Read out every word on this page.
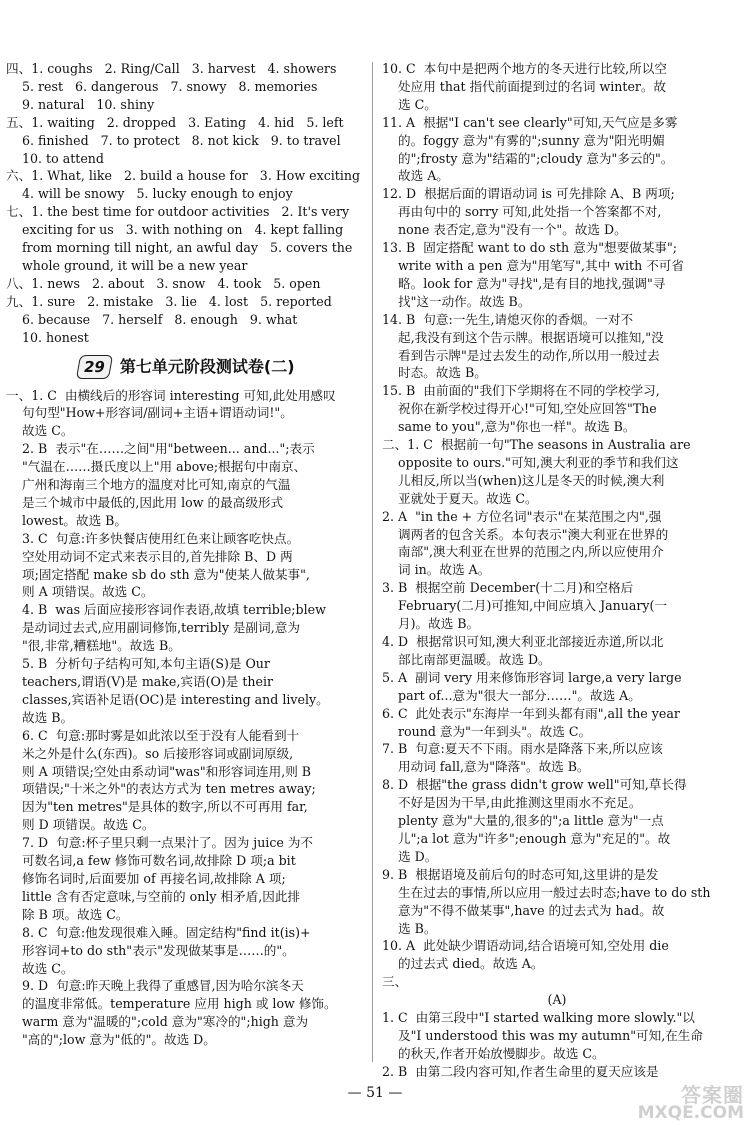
四、1. coughs   2. Ring/Call   3. harvest   4. showers

5. rest   6. dangerous   7. snowy   8. memories

9. natural   10. shiny

五、1. waiting   2. dropped   3. Eating   4. hid   5. left

6. finished   7. to protect   8. not kick   9. to travel

10. to attend

六、1. What, like   2. build a house for   3. How exciting

4. will be snowy   5. lucky enough to enjoy

七、1. the best time for outdoor activities   2. It's very

exciting for us   3. with nothing on   4. kept falling

from morning till night, an awful day   5. covers the

whole ground, it will be a new year

八、1. news   2. about   3. snow   4. took   5. open

九、1. sure   2. mistake   3. lie   4. lost   5. reported

6. because   7. herself   8. enough   9. what

10. honest

29 第七单元阶段测试卷(二)

一、1. C  由横线后的形容词 interesting 可知,此处用感叹

句句型"How+形容词/副词+主语+谓语动词!"。

故选 C。

2. B  表示"在……之间"用"between... and...";表示

"气温在……摄氏度以上"用 above;根据句中南京、

广州和海南三个地方的温度对比可知,南京的气温

是三个城市中最低的,因此用 low 的最高级形式

lowest。故选 B。

3. C  句意:许多快餐店使用红色来让顾客吃快点。

空处用动词不定式来表示目的,首先排除 B、D 两

项;固定搭配 make sb do sth 意为"使某人做某事",

则 A 项错误。故选 C。

4. B  was 后面应接形容词作表语,故填 terrible;blew

是动词过去式,应用副词修饰,terribly 是副词,意为

"很,非常,糟糕地"。故选 B。

5. B  分析句子结构可知,本句主语(S)是 Our

teachers,谓语(V)是 make,宾语(O)是 their

classes,宾语补足语(OC)是 interesting and lively。

故选 B。

6. C  句意:那时雾是如此浓以至于没有人能看到十

米之外是什么(东西)。so 后接形容词或副词原级,

则 A 项错误;空处由系动词"was"和形容词连用,则 B

项错误;"十米之外"的表达方式为 ten metres away;

因为"ten metres"是具体的数字,所以不可再用 far,

则 D 项错误。故选 C。

7. D  句意:杯子里只剩一点果汁了。因为 juice 为不

可数名词,a few 修饰可数名词,故排除 D 项;a bit

修饰名词时,后面要加 of 再接名词,故排除 A 项;

little 含有否定意味,与空前的 only 相矛盾,因此排

除 B 项。故选 C。

8. C  句意:他发现很难入睡。固定结构"find it(is)+

形容词+to do sth"表示"发现做某事是……的"。

故选 C。

9. D  句意:昨天晚上我得了重感冒,因为哈尔滨冬天

的温度非常低。temperature 应用 high 或 low 修饰。

warm 意为"温暖的";cold 意为"寒冷的";high 意为

"高的";low 意为"低的"。故选 D。

10. C  本句中是把两个地方的冬天进行比较,所以空

处应用 that 指代前面提到过的名词 winter。故

选 C。

11. A  根据"I can't see clearly"可知,天气应是多雾

的。foggy 意为"有雾的";sunny 意为"阳光明媚

的";frosty 意为"结霜的";cloudy 意为"多云的"。

故选 A。

12. D  根据后面的谓语动词 is 可先排除 A、B 两项;

再由句中的 sorry 可知,此处指一个答案都不对,

none 表否定,意为"没有一个"。故选 D。

13. B  固定搭配 want to do sth 意为"想要做某事";

write with a pen 意为"用笔写",其中 with 不可省

略。look for 意为"寻找",是有目的地找,强调"寻

找"这一动作。故选 B。

14. B  句意:一先生,请熄灭你的香烟。一对不

起,我没有到这个告示牌。根据语境可以推知,"没

看到告示牌"是过去发生的动作,所以用一般过去

时态。故选 B。

15. B  由前面的"我们下学期将在不同的学校学习,

祝你在新学校过得开心!"可知,空处应回答"The

same to you",意为"你也一样"。故选 B。

二、1. C  根据前一句"The seasons in Australia are

opposite to ours."可知,澳大利亚的季节和我们这

儿相反,所以当(when)这儿是冬天的时候,澳大利

亚就处于夏天。故选 C。

2. A  "in the + 方位名词"表示"在某范围之内",强

调两者的包含关系。本句表示"澳大利亚在世界的

南部",澳大利亚在世界的范围之内,所以应使用介

词 in。故选 A。

3. B  根据空前 December(十二月)和空格后

February(二月)可推知,中间应填入 January(一

月)。故选 B。

4. D  根据常识可知,澳大利亚北部接近赤道,所以北

部比南部更温暖。故选 D。

5. A  副词 very 用来修饰形容词 large,a very large

part of...意为"很大一部分……"。故选 A。

6. C  此处表示"东海岸一年到头都有雨",all the year

round 意为"一年到头"。故选 C。

7. B  句意:夏天不下雨。雨水是降落下来,所以应该

用动词 fall,意为"降落"。故选 B。

8. D  根据"the grass didn't grow well"可知,草长得

不好是因为干旱,由此推测这里雨水不充足。

plenty 意为"大量的,很多的";a little 意为"一点

儿";a lot 意为"许多";enough 意为"充足的"。故

选 D。

9. B  根据语境及前后句的时态可知,这里讲的是发

生在过去的事情,所以应用一般过去时态;have to do sth

意为"不得不做某事",have 的过去式为 had。故

选 B。

10. A  此处缺少谓语动词,结合语境可知,空处用 die

的过去式 died。故选 A。

三、

(A)

1. C  由第三段中"I started walking more slowly."以

及"I understood this was my autumn"可知,在生命

的秋天,作者开始放慢脚步。故选 C。

2. B  由第二段内容可知,作者生命里的夏天应该是

— 51 —	答案圈
MXQE.COM
